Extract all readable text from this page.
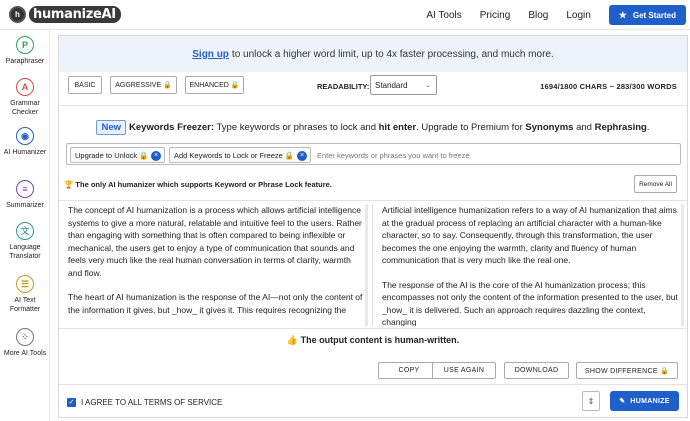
h	humanizeAI	AI Tools Pricing Blog Login	★ Get Started
P
Paraphraser
A
Grammar Checker
◉
AI Humanizer
≡
Summarizer
文
Language Translator
☰
AI Text Formatter
⁘
More AI Tools
Sign up to unlock a higher word limit, up to 4x faster processing, and much more.
BASIC	AGGRESSIVE 🔒	ENHANCED 🔒	READABILITY: Standard	⌄	1694/1800 CHARS ~ 283/300 WORDS
New Keywords Freezer: Type keywords or phrases to lock and hit enter. Upgrade to Premium for Synonyms and Rephrasing.
Upgrade to Unlock 🔒 ×	Add Keywords to Lock or Freeze 🔒 ×
Enter keywords or phrases you want to freeze.
🏆 The only AI humanizer which supports Keyword or Phrase Lock feature.	Remove All

The concept of AI humanization is a process which allows artificial intelligence systems to give a more natural, relatable and intuitive feel to the users. Rather than engaging with something that is often compared to being inflexible or mechanical, the users get to enjoy a type of communication that sounds and feels very much like the real human conversation in terms of clarity, warmth and flow.

The heart of AI humanization is the response of the AI—not only the content of the information it gives, but _how_ it gives it. This requires recognizing the

Artificial intelligence humanization refers to a way of AI humanization that aims at the gradual process of replacing an artificial character with a human-like character, so to say. Consequently, through this transformation, the user becomes the one enjoying the warmth, clarity and fluency of human communication that is very much like the real one.

The response of the AI is the core of the AI humanization process; this encompasses not only the content of the information presented to the user, but _how_ it is delivered. Such an approach requires dazzling the context, changing

👍 The output content is human-written.
COPY	USE AGAIN	DOWNLOAD	SHOW DIFFERENCE 🔒
✓ I AGREE TO ALL TERMS OF SERVICE	⇕	✎ HUMANIZE
